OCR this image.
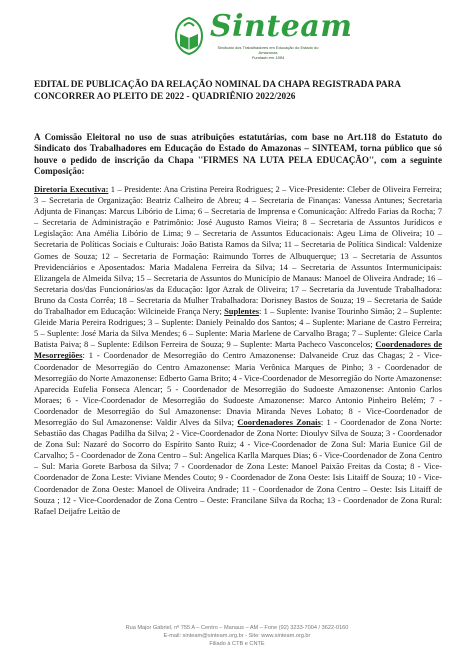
Sinteam
Sindicato dos Trabalhadores em Educação do Estado do Amazonas
Fundado em 1984
EDITAL DE PUBLICAÇÃO DA RELAÇÃO NOMINAL DA CHAPA REGISTRADA PARA CONCORRER AO PLEITO DE 2022 - QUADRIÊNIO 2022/2026
A Comissão Eleitoral no uso de suas atribuições estatutárias, com base no Art.118 do Estatuto do Sindicato dos Trabalhadores em Educação do Estado do Amazonas – SINTEAM, torna público que só houve o pedido de inscrição da Chapa ''FIRMES NA LUTA PELA EDUCAÇÃO'', com a seguinte Composição:
Diretoria Executiva: 1 – Presidente: Ana Cristina Pereira Rodrigues; 2 – Vice-Presidente: Cleber de Oliveira Ferreira; 3 – Secretaria de Organização: Beatriz Calheiro de Abreu; 4 – Secretaria de Finanças: Vanessa Antunes; Secretaria Adjunta de Finanças: Marcus Libório de Lima; 6 – Secretaria de Imprensa e Comunicação: Alfredo Farias da Rocha; 7 – Secretaria de Administração e Patrimônio: José Augusto Ramos Vieira; 8 – Secretaria de Assuntos Jurídicos e Legislação: Ana Amélia Libório de Lima; 9 – Secretaria de Assuntos Educacionais: Ageu Lima de Oliveira; 10 – Secretaria de Políticas Sociais e Culturais: João Batista Ramos da Silva; 11 – Secretaria de Política Sindical: Valdenize Gomes de Souza; 12 – Secretaria de Formação: Raimundo Torres de Albuquerque; 13 – Secretaria de Assuntos Previdenciários e Aposentados: Maria Madalena Ferreira da Silva; 14 – Secretaria de Assuntos Intermunicipais: Elizangela de Almeida Silva; 15 – Secretaria de Assuntos do Município de Manaus: Manoel de Oliveira Andrade; 16 – Secretaria dos/das Funcionários/as da Educação: Igor Azrak de Oliveira; 17 – Secretaria da Juventude Trabalhadora: Bruno da Costa Corrêa; 18 – Secretaria da Mulher Trabalhadora: Dorisney Bastos de Souza; 19 – Secretaria de Saúde do Trabalhador em Educação: Wilcineide França Nery; Suplentes: 1 – Suplente: Ivanise Tourinho Simão; 2 – Suplente: Gleide Maria Pereira Rodrigues; 3 – Suplente: Daniely Peinaldo dos Santos; 4 – Suplente: Mariane de Castro Ferreira; 5 – Suplente: José Maria da Silva Mendes; 6 – Suplente: Maria Marlene de Carvalho Braga; 7 – Suplente: Gleice Carla Batista Paiva; 8 – Suplente: Edilson Ferreira de Souza; 9 – Suplente: Marta Pacheco Vasconcelos; Coordenadores de Mesorregiões: 1 - Coordenador de Mesorregião do Centro Amazonense: Dalvaneide Cruz das Chagas; 2 - Vice-Coordenador de Mesorregião do Centro Amazonense: Maria Verônica Marques de Pinho; 3 - Coordenador de Mesorregião do Norte Amazonense: Edberto Gama Brito; 4 - Vice-Coordenador de Mesorregião do Norte Amazonense: Aparecida Eufelia Fonseca Alencar; 5 - Coordenador de Mesorregião do Sudoeste Amazonense: Antonio Carlos Moraes; 6 - Vice-Coordenador de Mesorregião do Sudoeste Amazonense: Marco Antonio Pinheiro Belém; 7 - Coordenador de Mesorregião do Sul Amazonense: Dnavia Miranda Neves Lobato; 8 - Vice-Coordenador de Mesorregião do Sul Amazonense: Valdir Alves da Silva; Coordenadores Zonais: 1 - Coordenador de Zona Norte: Sebastião das Chagas Padilha da Silva; 2 - Vice-Coordenador de Zona Norte: Dioulyv Silva de Souza; 3 - Coordenador de Zona Sul: Nazaré do Socorro do Espírito Santo Ruiz; 4 - Vice-Coordenador de Zona Sul: Maria Eunice Gil de Carvalho; 5 - Coordenador de Zona Centro – Sul: Angelica Karlla Marques Dias; 6 - Vice-Coordenador de Zona Centro – Sul: Maria Gorete Barbosa da Silva; 7 - Coordenador de Zona Leste: Manoel Paixão Freitas da Costa; 8 - Vice-Coordenador de Zona Leste: Viviane Mendes Couto; 9 - Coordenador de Zona Oeste: Isis Litaiff de Souza; 10 - Vice-Coordenador de Zona Oeste: Manoel de Oliveira Andrade; 11 - Coordenador de Zona Centro – Oeste: Isis Litaiff de Souza ; 12 - Vice-Coordenador de Zona Centro – Oeste: Francilane Silva da Rocha; 13 - Coordenador de Zona Rural: Rafael Deijafre Leitão de
Rua Major Gabriel, nº 755 A – Centro – Manaus – AM – Fone (92) 3233-7004 / 3622-0160
E-mail: sinteam@sinteam.org.br - Site: www.sinteam.org.br
Filiado à CTB e CNTE
